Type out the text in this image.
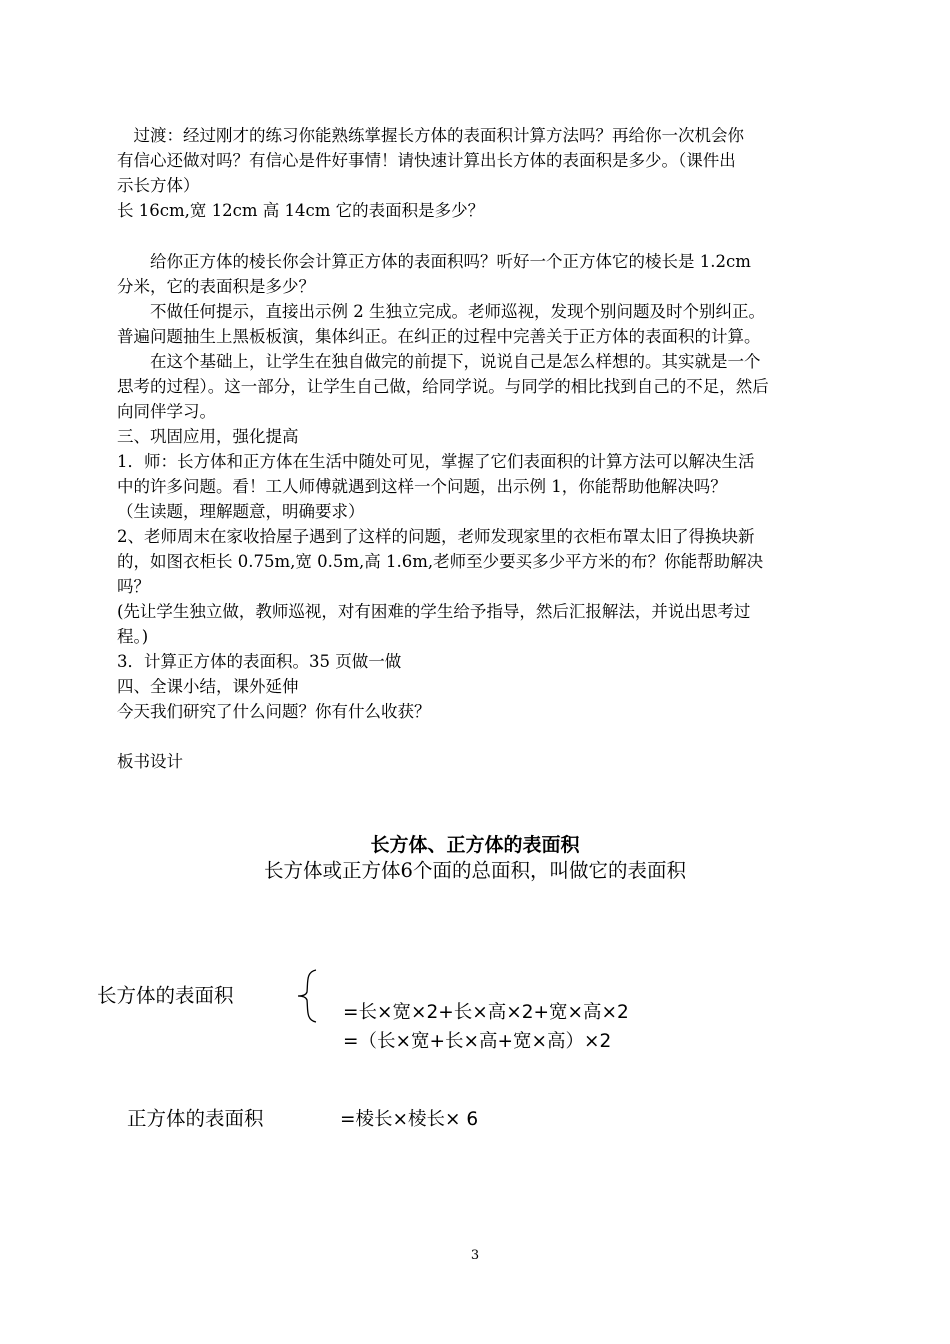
　过渡：经过刚才的练习你能熟练掌握长方体的表面积计算方法吗？再给你一次机会你
有信心还做对吗？有信心是件好事情！请快速计算出长方体的表面积是多少。（课件出
示长方体）
长 16cm,宽 12cm 高 14cm 它的表面积是多少？
　　给你正方体的棱长你会计算正方体的表面积吗？听好一个正方体它的棱长是 1.2cm
分米，它的表面积是多少？
　　不做任何提示，直接出示例 2 生独立完成。老师巡视，发现个别问题及时个别纠正。
普遍问题抽生上黑板板演，集体纠正。在纠正的过程中完善关于正方体的表面积的计算。
　　在这个基础上，让学生在独自做完的前提下，说说自己是怎么样想的。其实就是一个
思考的过程）。这一部分，让学生自己做，给同学说。与同学的相比找到自己的不足，然后
向同伴学习。
三、巩固应用，强化提高
1．师：长方体和正方体在生活中随处可见，掌握了它们表面积的计算方法可以解决生活
中的许多问题。看！工人师傅就遇到这样一个问题，出示例 1，你能帮助他解决吗？
（生读题，理解题意，明确要求）
2、老师周末在家收拾屋子遇到了这样的问题，老师发现家里的衣柜布罩太旧了得换块新
的，如图衣柜长 0.75m,宽 0.5m,高 1.6m,老师至少要买多少平方米的布？你能帮助解决
吗？
(先让学生独立做，教师巡视，对有困难的学生给予指导，然后汇报解法，并说出思考过
程。)
3．计算正方体的表面积。35 页做一做
四、全课小结，课外延伸
今天我们研究了什么问题？你有什么收获？
板书设计
长方体、正方体的表面积
长方体或正方体6个面的总面积，叫做它的表面积
长方体的表面积
=长×宽×2+长×高×2+宽×高×2
=（长×宽+长×高+宽×高）×2
正方体的表面积	=棱长×棱长× 6
3
